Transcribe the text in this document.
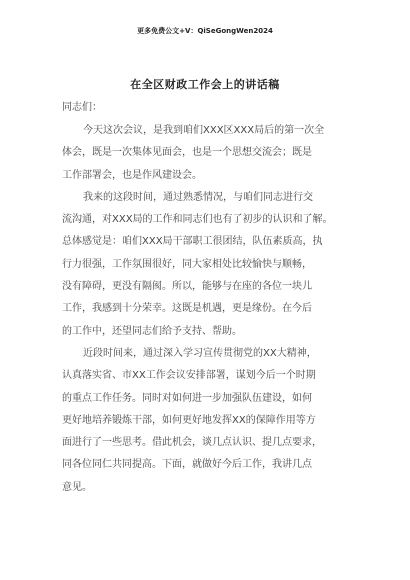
更多免费公文+V：QiSeGongWen2024
在全区财政工作会上的讲话稿

同志们：

今天这次会议，是我到咱们XXX区XXX局后的第一次全
体会，既是一次集体见面会，也是一个思想交流会；既是
工作部署会，也是作风建设会。
我来的这段时间，通过熟悉情况，与咱们同志进行交
流沟通，对XXX局的工作和同志们也有了初步的认识和了解。
总体感觉是：咱们XXX局干部职工很团结，队伍素质高，执
行力很强，工作氛围很好，同大家相处比较愉快与顺畅，
没有障碍，更没有隔阂。所以，能够与在座的各位一块儿
工作，我感到十分荣幸。这既是机遇，更是缘份。在今后
的工作中，还望同志们给予支持、帮助。
近段时间来，通过深入学习宣传贯彻党的XX大精神，
认真落实省、市XX工作会议安排部署，谋划今后一个时期
的重点工作任务。同时对如何进一步加强队伍建设，如何
更好地培养锻炼干部，如何更好地发挥XX的保障作用等方
面进行了一些思考。借此机会，谈几点认识、提几点要求，
同各位同仁共同提高。下面，就做好今后工作，我讲几点
意见。
